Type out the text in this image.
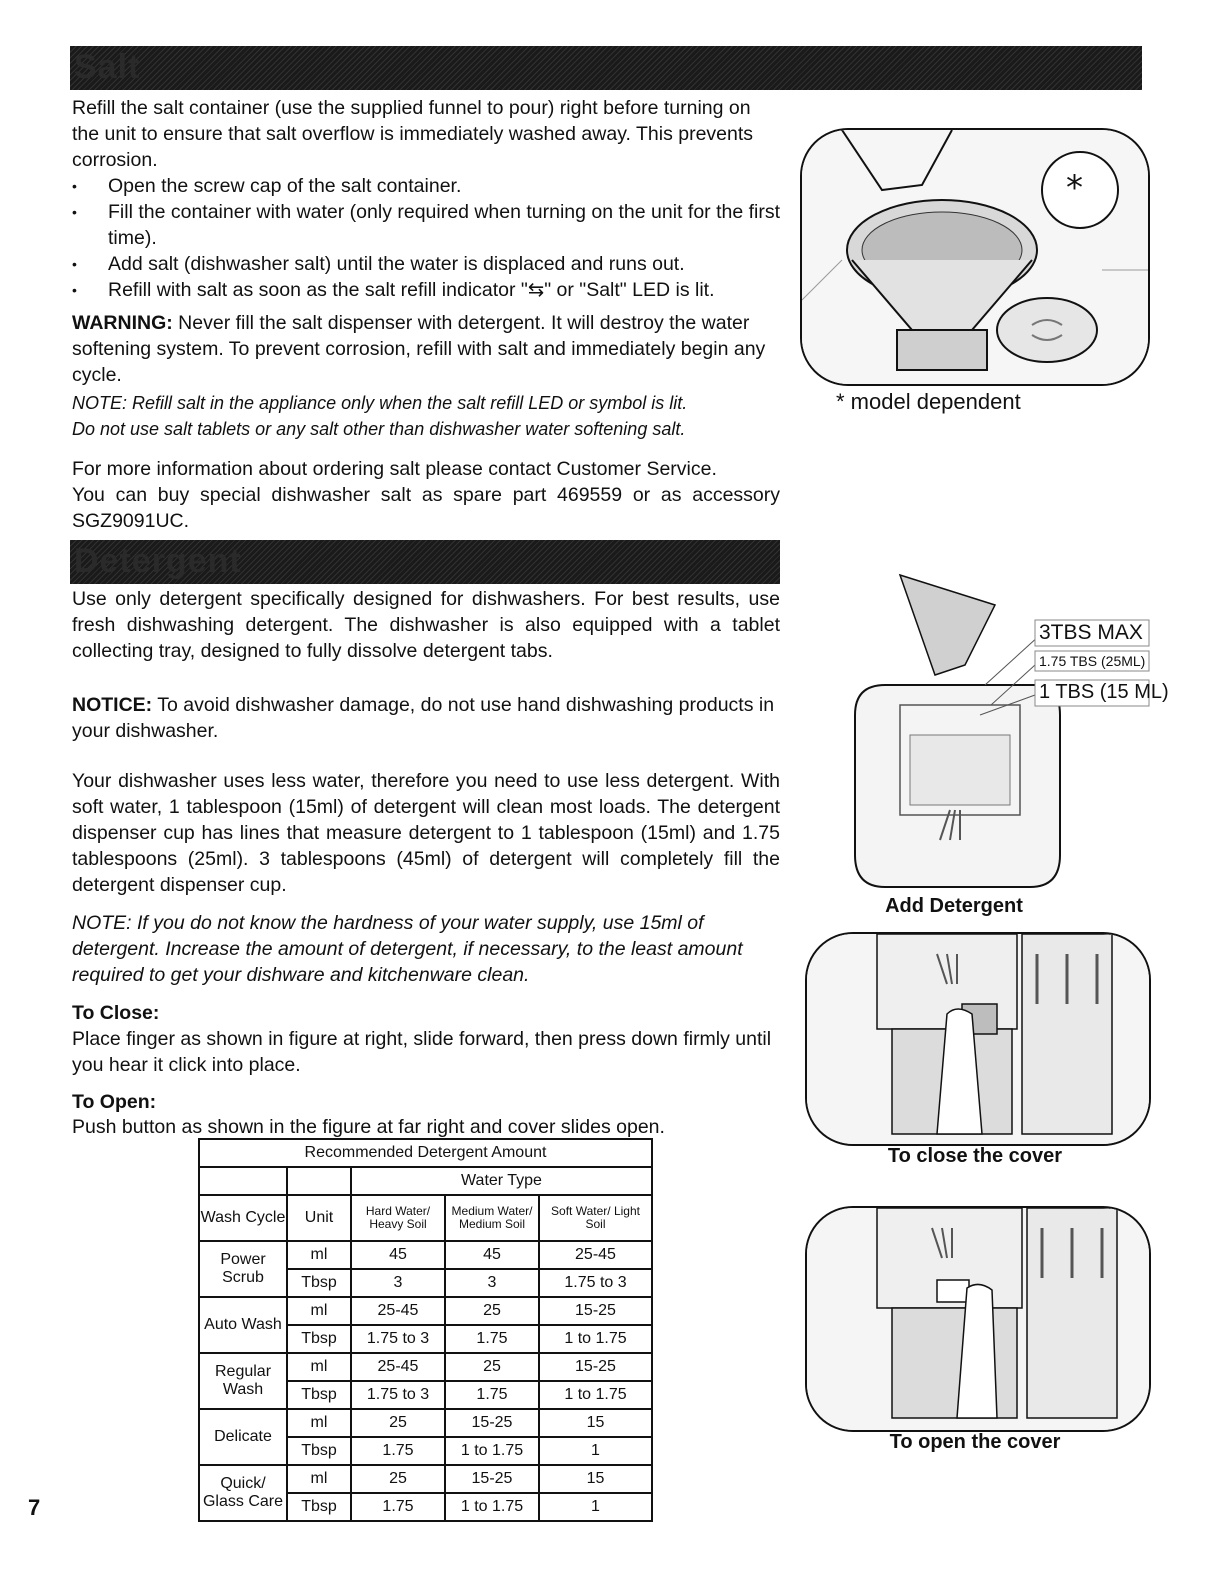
Salt
Refill the salt container (use the supplied funnel to pour) right before turning on the unit to ensure that salt overflow is immediately washed away. This prevents corrosion.
• Open the screw cap of the salt container.
• Fill the container with water (only required when turning on the unit for the first time).
• Add salt (dishwasher salt) until the water is displaced and runs out.
• Refill with salt as soon as the salt refill indicator "⇆" or "Salt" LED is lit.
WARNING: Never fill the salt dispenser with detergent. It will destroy the water softening system. To prevent corrosion, refill with salt and immediately begin any cycle.
NOTE: Refill salt in the appliance only when the salt refill LED or symbol is lit.
Do not use salt tablets or any salt other than dishwasher water softening salt.
For more information about ordering salt please contact Customer Service.
You can buy special dishwasher salt as spare part 469559 or as accessory SGZ9091UC.
*
* model dependent
Detergent
Use only detergent specifically designed for dishwashers. For best results, use fresh dishwashing detergent. The dishwasher is also equipped with a tablet collecting tray, designed to fully dissolve detergent tabs.
NOTICE: To avoid dishwasher damage, do not use hand dishwashing products in your dishwasher.
Your dishwasher uses less water, therefore you need to use less detergent. With soft water, 1 tablespoon (15ml) of detergent will clean most loads. The detergent dispenser cup has lines that measure detergent to 1 tablespoon (15ml) and 1.75 tablespoons (25ml). 3 tablespoons (45ml) of detergent will completely fill the detergent dispenser cup.
NOTE: If you do not know the hardness of your water supply, use 15ml of detergent. Increase the amount of detergent, if necessary, to the least amount required to get your dishware and kitchenware clean.
To Close:
Place finger as shown in figure at right, slide forward, then press down firmly until you hear it click into place.
To Open:
Push button as shown in the figure at far right and cover slides open.
3TBS MAX
1.75 TBS (25ML)
1 TBS (15 ML)
Add Detergent
To close the cover
To open the cover
Recommended Detergent Amount				
		Water Type		
Wash Cycle	Unit	Hard Water/ Heavy Soil	Medium Water/ Medium Soil	Soft Water/ Light Soil
Power Scrub	ml	45	45	25-45
	Tbsp	3	3	1.75 to 3
Auto Wash	ml	25-45	25	15-25
	Tbsp	1.75 to 3	1.75	1 to 1.75
Regular Wash	ml	25-45	25	15-25
	Tbsp	1.75 to 3	1.75	1 to 1.75
Delicate	ml	25	15-25	15
	Tbsp	1.75	1 to 1.75	1
Quick/ Glass Care	ml	25	15-25	15
	Tbsp	1.75	1 to 1.75	1
7
